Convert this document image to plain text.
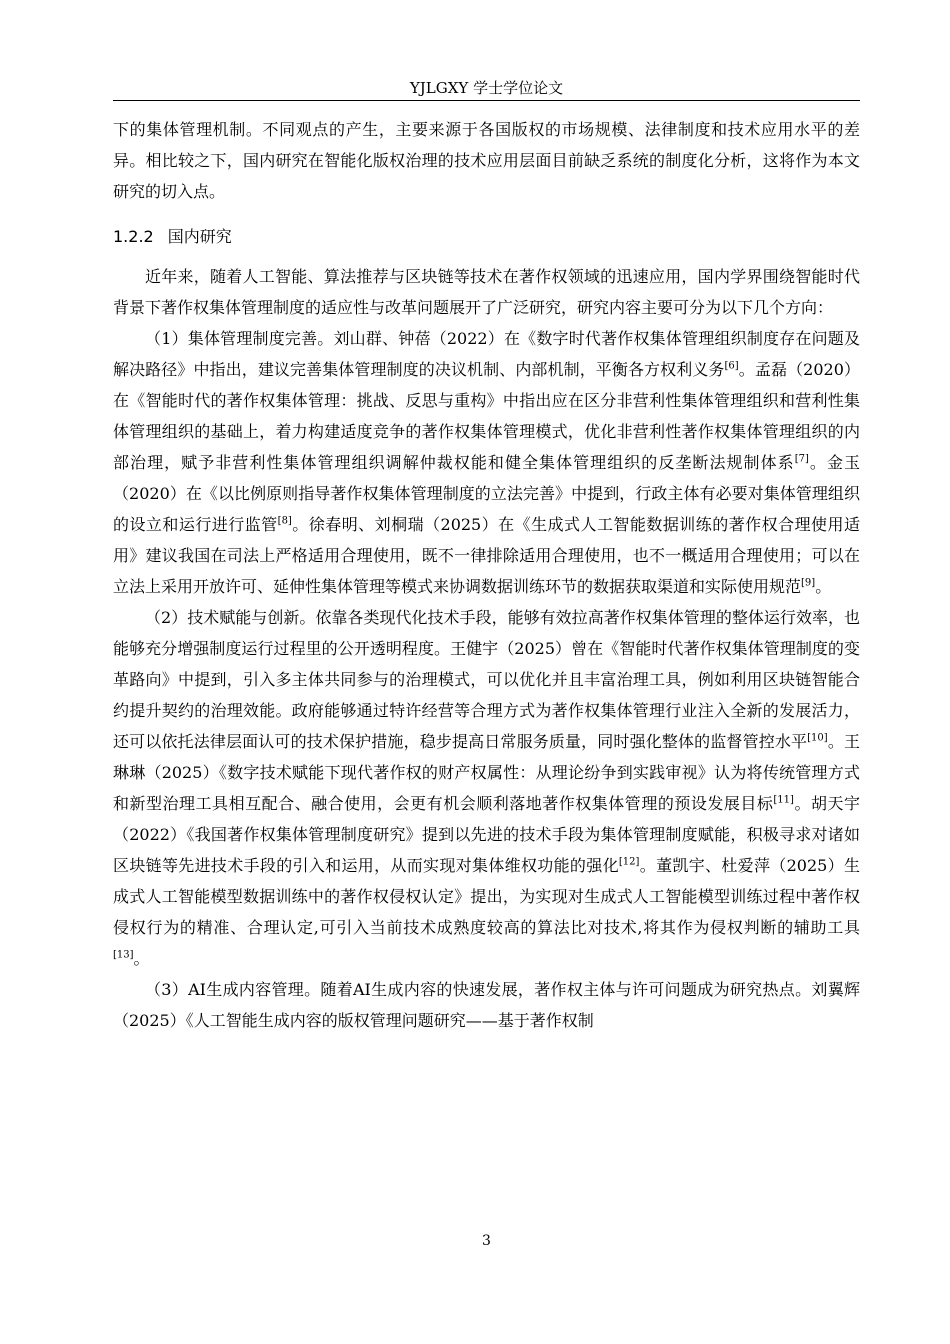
YJLGXY 学士学位论文

下的集体管理机制。不同观点的产生，主要来源于各国版权的市场规模、法律制度和技术应用水平的差异。相比较之下，国内研究在智能化版权治理的技术应用层面目前缺乏系统的制度化分析，这将作为本文研究的切入点。

1.2.2 国内研究

近年来，随着人工智能、算法推荐与区块链等技术在著作权领域的迅速应用，国内学界围绕智能时代背景下著作权集体管理制度的适应性与改革问题展开了广泛研究，研究内容主要可分为以下几个方向：

（1）集体管理制度完善。刘山群、钟蓓（2022）在《数字时代著作权集体管理组织制度存在问题及解决路径》中指出，建议完善集体管理制度的决议机制、内部机制，平衡各方权利义务[6]。孟磊（2020）在《智能时代的著作权集体管理：挑战、反思与重构》中指出应在区分非营利性集体管理组织和营利性集体管理组织的基础上，着力构建适度竞争的著作权集体管理模式，优化非营利性著作权集体管理组织的内部治理，赋予非营利性集体管理组织调解仲裁权能和健全集体管理组织的反垄断法规制体系[7]。金玉（2020）在《以比例原则指导著作权集体管理制度的立法完善》中提到，行政主体有必要对集体管理组织的设立和运行进行监管[8]。徐春明、刘桐瑞（2025）在《生成式人工智能数据训练的著作权合理使用适用》建议我国在司法上严格适用合理使用，既不一律排除适用合理使用，也不一概适用合理使用；可以在立法上采用开放许可、延伸性集体管理等模式来协调数据训练环节的数据获取渠道和实际使用规范[9]。

（2）技术赋能与创新。依靠各类现代化技术手段，能够有效拉高著作权集体管理的整体运行效率，也能够充分增强制度运行过程里的公开透明程度。王健宇（2025）曾在《智能时代著作权集体管理制度的变革路向》中提到，引入多主体共同参与的治理模式，可以优化并且丰富治理工具，例如利用区块链智能合约提升契约的治理效能。政府能够通过特许经营等合理方式为著作权集体管理行业注入全新的发展活力，还可以依托法律层面认可的技术保护措施，稳步提高日常服务质量，同时强化整体的监督管控水平[10]。王琳琳（2025）《数字技术赋能下现代著作权的财产权属性：从理论纷争到实践审视》认为将传统管理方式和新型治理工具相互配合、融合使用，会更有机会顺利落地著作权集体管理的预设发展目标[11]。胡天宇（2022）《我国著作权集体管理制度研究》提到以先进的技术手段为集体管理制度赋能，积极寻求对诸如区块链等先进技术手段的引入和运用，从而实现对集体维权功能的强化[12]。董凯宇、杜爱萍（2025）生成式人工智能模型数据训练中的著作权侵权认定》提出，为实现对生成式人工智能模型训练过程中著作权侵权行为的精准、合理认定,可引入当前技术成熟度较高的算法比对技术,将其作为侵权判断的辅助工具[13]。

（3）AI生成内容管理。随着AI生成内容的快速发展，著作权主体与许可问题成为研究热点。刘翼辉（2025）《人工智能生成内容的版权管理问题研究——基于著作权制

3
